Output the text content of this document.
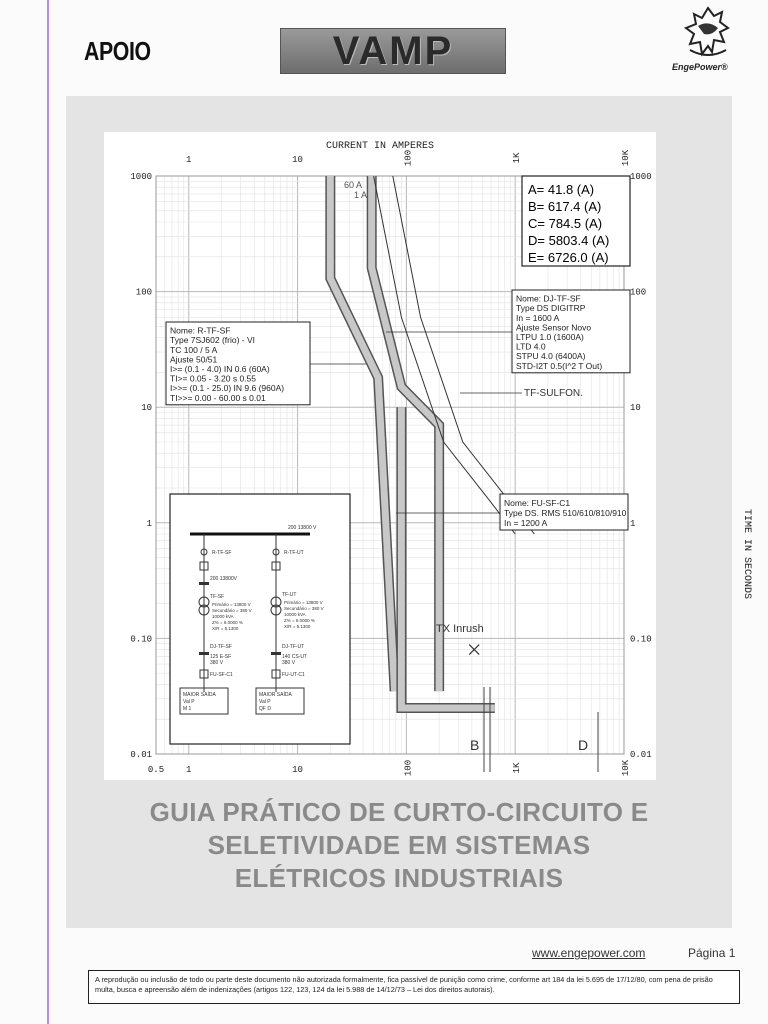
APOIO	VAMP	EngePower®
1	10	100	1K	10K
0.5 1	10	100	1K	10K
1000	1000
100	100
10	10
1	1
0.10	0.10
0.01	0.01
CURRENT IN AMPERES
TIME IN SECONDS
A= 41.8 (A)
B= 617.4 (A)
C= 784.5 (A)
D= 5803.4 (A)
E= 6726.0 (A)
60 A
1 A
Nome: R-TF-SF
Type 7SJ602 (frio) - VI
TC 100 / 5 A
Ajuste 50/51
I>= (0.1 - 4.0) IN 0.6 (60A)
TI>= 0.05 - 3.20 s 0.55
I>>= (0.1 - 25.0) IN 9.6 (960A)
TI>>= 0.00 - 60.00 s 0.01
Nome: DJ-TF-SF
Type DS DIGITRP
In = 1600 A
Ajuste Sensor Novo
LTPU 1.0 (1600A)
LTD 4.0
STPU 4.0 (6400A)
STD-I2T 0.5(I^2 T Out)
Nome: FU-SF-C1
Type DS. RMS 510/610/810/910
In = 1200 A
TF-SULFON.
TX Inrush
B	D
200 13800 V
R-TF-SF
200 13800V
TF-SF
Primário = 13800 V
Secundário = 380 V
10000 kVA
Z% = 6.0000 %
X/R = 5.1300
DJ-TF-SF
125 E-SF
380 V
FU-SF-C1
MAIOR SAÍDA
Val P
M 1
R-TF-UT
TF-UT
Primário = 13800 V
Secundário = 380 V
10000 kVA
Z% = 6.0000 %
X/R = 5.1300
DJ-TF-UT
140 CS-UT
380 V
FU-UT-C1
MAIOR SAÍDA
Val P
QF D
GUIA PRÁTICO DE CURTO-CIRCUITO E
SELETIVIDADE EM SISTEMAS
ELÉTRICOS INDUSTRIAIS
www.engepower.com	Página 1
A reprodução ou inclusão de todo ou parte deste documento não autorizada formalmente, fica passível de punição como crime, conforme art 184 da lei 5.695 de 17/12/80, com pena de prisão multa, busca e apreensão além de indenizações (artigos 122, 123, 124 da lei 5.988 de 14/12/73 – Lei dos direitos autorais).
